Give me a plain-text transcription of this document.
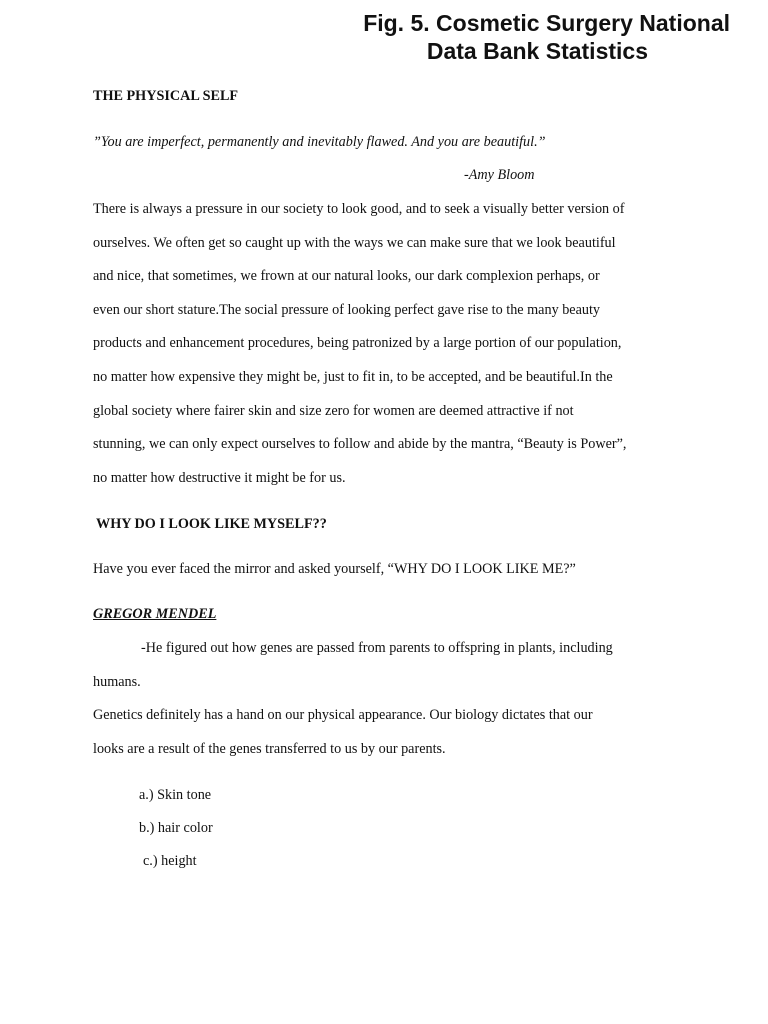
Fig. 5. Cosmetic Surgery National
Data Bank Statistics
THE PHYSICAL SELF
”You are imperfect, permanently and inevitably flawed. And you are beautiful.”
-Amy Bloom
There is always a pressure in our society to look good, and to seek a visually better version of
ourselves. We often get so caught up with the ways we can make sure that we look beautiful
and nice, that sometimes, we frown at our natural looks, our dark complexion perhaps, or
even our short stature.The social pressure of looking perfect gave rise to the many beauty
products and enhancement procedures, being patronized by a large portion of our population,
no matter how expensive they might be, just to fit in, to be accepted, and be beautiful.In the
global society where fairer skin and size zero for women are deemed attractive if not
stunning, we can only expect ourselves to follow and abide by the mantra, “Beauty is Power”,
no matter how destructive it might be for us.
WHY DO I LOOK LIKE MYSELF??
Have you ever faced the mirror and asked yourself, “WHY DO I LOOK LIKE ME?”
GREGOR MENDEL
-He figured out how genes are passed from parents to offspring in plants, including
humans.
Genetics definitely has a hand on our physical appearance. Our biology dictates that our
looks are a result of the genes transferred to us by our parents.
a.) Skin tone
b.) hair color
c.) height
